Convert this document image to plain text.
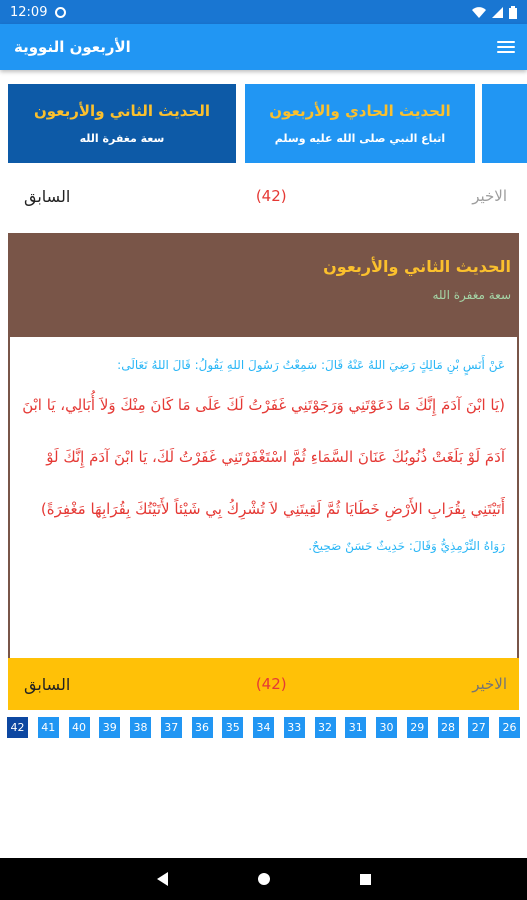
12:09
الأربعون النووية
الحديث الحادي والأربعون
اتباع النبي صلى الله عليه وسلم
الحديث الثاني والأربعون
سعة مغفرة الله
السابق	(42)	الاخير
الحديث الثاني والأربعون
سعة مغفرة الله
عَنْ أَنَسٍ بْنِ مَالِكٍ رَضِيَ اللهُ عَنْهُ قَالَ: سَمِعْتُ رَسُولَ اللهِ يَقُولُ: قَالَ اللهُ تَعَالَى:
(يَا ابْنَ آدَمَ إِنَّكَ مَا دَعَوْتَنِي وَرَجَوْتَنِي غَفَرْتُ لَكَ عَلَى مَا كَانَ مِنْكَ وَلاَ أُبَالِي، يَا ابْنَ آدَمَ لَوْ بَلَغَتْ ذُنُوبُكَ عَنَانَ السَّمَاءِ ثُمَّ اسْتَغْفَرْتَنِي غَفَرْتُ لَكَ، يَا ابْنَ آدَمَ إِنَّكَ لَوْ أَتَيْتَنِي بِقُرَابِ الأَرْضِ خَطَايَا ثُمَّ لَقِيتَنِي لاَ تُشْرِكُ بِي شَيْئاً لأَتَيْتُكَ بِقُرَابِهَا مَغْفِرَةً)
رَوَاهُ التِّرْمِذِيُّ وَقَالَ: حَدِيثٌ حَسَنٌ صَحِيحٌ.
السابق	(42)	الاخير
42	41	40	39	38	37	36	35	34	33	32	31	30	29	28	27	26
